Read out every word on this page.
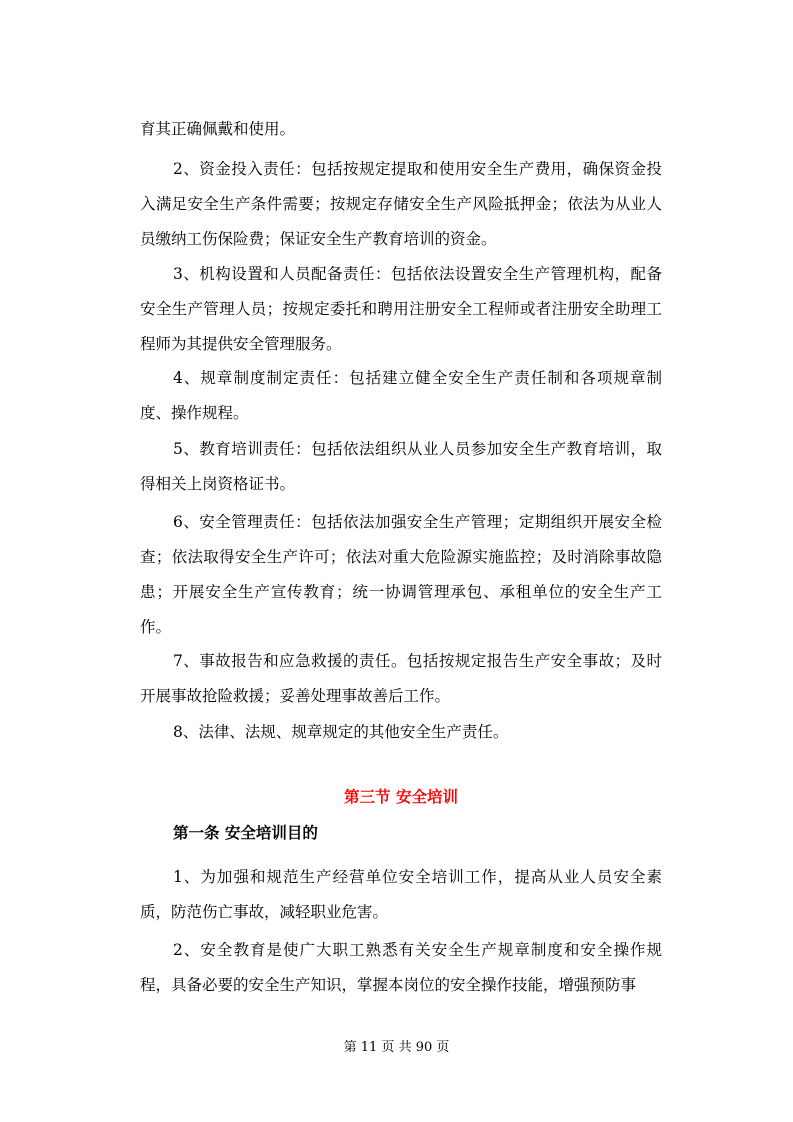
育其正确佩戴和使用。

2、资金投入责任：包括按规定提取和使用安全生产费用，确保资金投入满足安全生产条件需要；按规定存储安全生产风险抵押金；依法为从业人员缴纳工伤保险费；保证安全生产教育培训的资金。

3、机构设置和人员配备责任：包括依法设置安全生产管理机构，配备安全生产管理人员；按规定委托和聘用注册安全工程师或者注册安全助理工程师为其提供安全管理服务。

4、规章制度制定责任：包括建立健全安全生产责任制和各项规章制度、操作规程。

5、教育培训责任：包括依法组织从业人员参加安全生产教育培训，取得相关上岗资格证书。

6、安全管理责任：包括依法加强安全生产管理；定期组织开展安全检查；依法取得安全生产许可；依法对重大危险源实施监控；及时消除事故隐患；开展安全生产宣传教育；统一协调管理承包、承租单位的安全生产工作。

7、事故报告和应急救援的责任。包括按规定报告生产安全事故；及时开展事故抢险救援；妥善处理事故善后工作。

8、法律、法规、规章规定的其他安全生产责任。

第三节 安全培训
第一条 安全培训目的

1、为加强和规范生产经营单位安全培训工作，提高从业人员安全素质，防范伤亡事故，减轻职业危害。

2、安全教育是使广大职工熟悉有关安全生产规章制度和安全操作规程，具备必要的安全生产知识，掌握本岗位的安全操作技能，增强预防事

第 11 页 共 90 页
